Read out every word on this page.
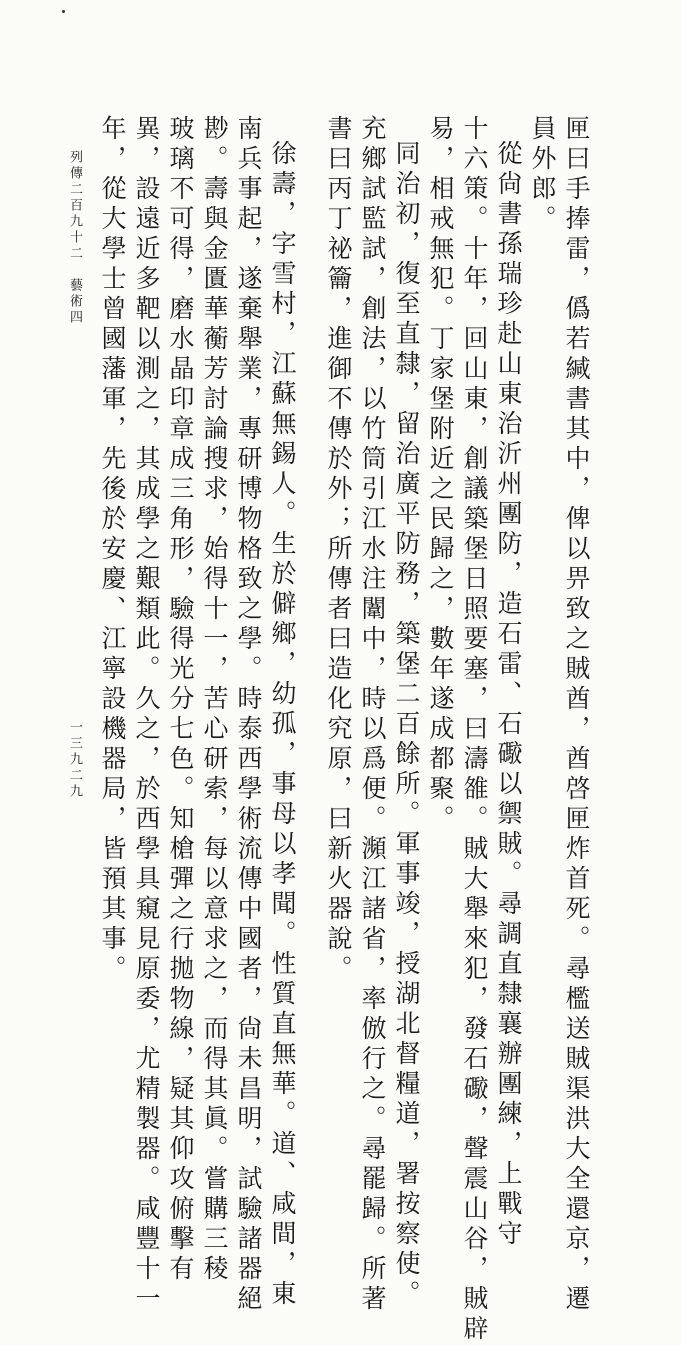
匣曰手捧雷，僞若緘書其中，俾以畀致之賊酋，酋啓匣炸首死。尋檻送賊渠洪大全還京，遷
員外郎。
從尙書孫瑞珍赴山東治沂州團防，造石雷、石礮以禦賊。尋調直隸襄辦團練，上戰守
十六策。十年，回山東，創議築堡日照要塞，曰濤雒。賊大舉來犯，發石礮，聲震山谷，賊辟
易，相戒無犯。丁家堡附近之民歸之，數年遂成都聚。
同治初，復至直隸，留治廣平防務，築堡二百餘所。軍事竣，授湖北督糧道，署按察使。
充鄉試監試，創法，以竹筒引江水注闈中，時以爲便。瀕江諸省，率倣行之。尋罷歸。所著
書曰丙丁祕籥，進御不傳於外；所傳者曰造化究原，曰新火器說。
徐壽，字雪村，江蘇無錫人。生於僻鄉，幼孤，事母以孝聞。性質直無華。道、咸間，東
南兵事起，遂棄舉業，專研博物格致之學。時泰西學術流傳中國者，尙未昌明，試驗諸器絕
尠。壽與金匱華蘅芳討論搜求，始得十一，苦心研索，每以意求之，而得其眞。嘗購三稜
玻璃不可得，磨水晶印章成三角形，驗得光分七色。知槍彈之行拋物線，疑其仰攻俯擊有
異，設遠近多靶以測之，其成學之艱類此。久之，於西學具窺見原委，尤精製器。咸豐十一
年，從大學士曾國藩軍，先後於安慶、江寧設機器局，皆預其事。
列傳二百九十二　藝術四
一三九二九
